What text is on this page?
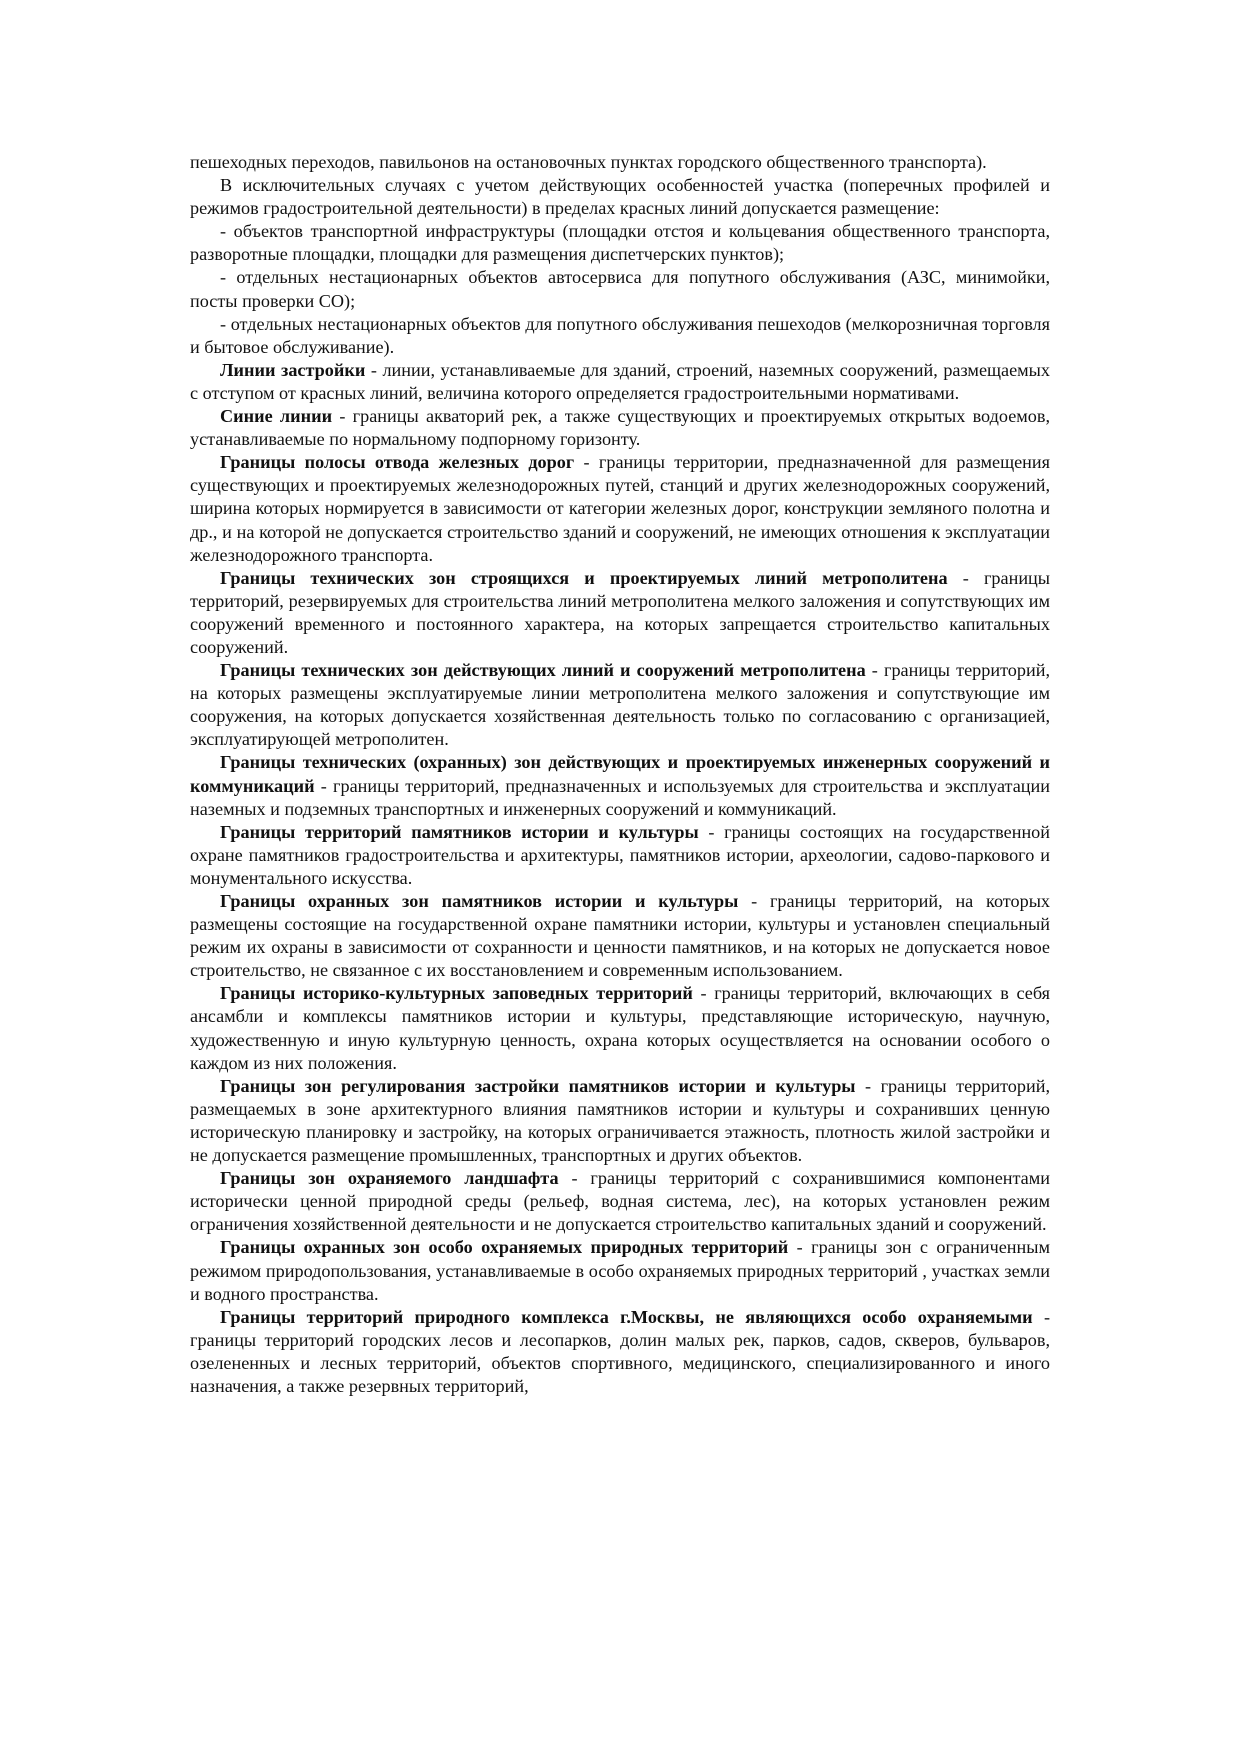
пешеходных переходов, павильонов на остановочных пунктах городского общественного транспорта).

В исключительных случаях с учетом действующих особенностей участка (поперечных профилей и режимов градостроительной деятельности) в пределах красных линий допускается размещение:

- объектов транспортной инфраструктуры (площадки отстоя и кольцевания общественного транспорта, разворотные площадки, площадки для размещения диспетчерских пунктов);

- отдельных нестационарных объектов автосервиса для попутного обслуживания (АЗС, минимойки, посты проверки СО);

- отдельных нестационарных объектов для попутного обслуживания пешеходов (мелкорозничная торговля и бытовое обслуживание).

Линии застройки - линии, устанавливаемые для зданий, строений, наземных сооружений, размещаемых с отступом от красных линий, величина которого определяется градостроительными нормативами.

Синие линии - границы акваторий рек, а также существующих и проектируемых открытых водоемов, устанавливаемые по нормальному подпорному горизонту.

Границы полосы отвода железных дорог - границы территории, предназначенной для размещения существующих и проектируемых железнодорожных путей, станций и других железнодорожных сооружений, ширина которых нормируется в зависимости от категории железных дорог, конструкции земляного полотна и др., и на которой не допускается строительство зданий и сооружений, не имеющих отношения к эксплуатации железнодорожного транспорта.

Границы технических зон строящихся и проектируемых линий метрополитена - границы территорий, резервируемых для строительства линий метрополитена мелкого заложения и сопутствующих им сооружений временного и постоянного характера, на которых запрещается строительство капитальных сооружений.

Границы технических зон действующих линий и сооружений метрополитена - границы территорий, на которых размещены эксплуатируемые линии метрополитена мелкого заложения и сопутствующие им сооружения, на которых допускается хозяйственная деятельность только по согласованию с организацией, эксплуатирующей метрополитен.

Границы технических (охранных) зон действующих и проектируемых инженерных сооружений и коммуникаций - границы территорий, предназначенных и используемых для строительства и эксплуатации наземных и подземных транспортных и инженерных сооружений и коммуникаций.

Границы территорий памятников истории и культуры - границы состоящих на государственной охране памятников градостроительства и архитектуры, памятников истории, археологии, садово-паркового и монументального искусства.

Границы охранных зон памятников истории и культуры - границы территорий, на которых размещены состоящие на государственной охране памятники истории, культуры и установлен специальный режим их охраны в зависимости от сохранности и ценности памятников, и на которых не допускается новое строительство, не связанное с их восстановлением и современным использованием.

Границы историко-культурных заповедных территорий - границы территорий, включающих в себя ансамбли и комплексы памятников истории и культуры, представляющие историческую, научную, художественную и иную культурную ценность, охрана которых осуществляется на основании особого о каждом из них положения.

Границы зон регулирования застройки памятников истории и культуры - границы территорий, размещаемых в зоне архитектурного влияния памятников истории и культуры и сохранивших ценную историческую планировку и застройку, на которых ограничивается этажность, плотность жилой застройки и не допускается размещение промышленных, транспортных и других объектов.

Границы зон охраняемого ландшафта - границы территорий с сохранившимися компонентами исторически ценной природной среды (рельеф, водная система, лес), на которых установлен режим ограничения хозяйственной деятельности и не допускается строительство капитальных зданий и сооружений.

Границы охранных зон особо охраняемых природных территорий - границы зон с ограниченным режимом природопользования, устанавливаемые в особо охраняемых природных территорий , участках земли и водного пространства.

Границы территорий природного комплекса г.Москвы, не являющихся особо охраняемыми - границы территорий городских лесов и лесопарков, долин малых рек, парков, садов, скверов, бульваров, озелененных и лесных территорий, объектов спортивного, медицинского, специализированного и иного назначения, а также резервных территорий,
